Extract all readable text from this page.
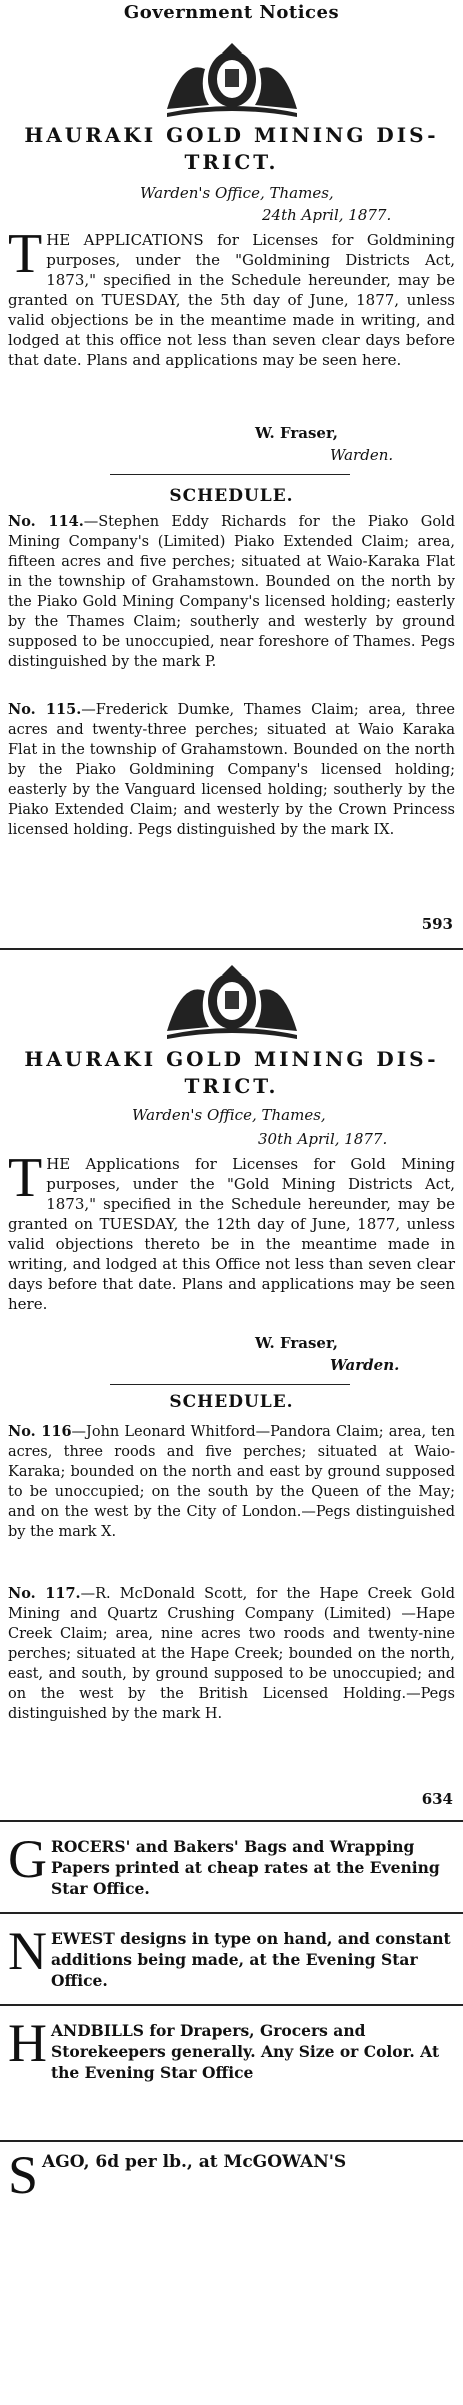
Government Notices
HAURAKI GOLD MINING DIS-
TRICT.
Warden's Office, Thames,
24th April, 1877.
THE APPLICATIONS for Licenses for Goldmining purposes, under the "Goldmining Districts Act, 1873," specified in the Schedule hereunder, may be granted on TUESDAY, the 5th day of June, 1877, unless valid objections be in the meantime made in writing, and lodged at this office not less than seven clear days before that date. Plans and applications may be seen here.
W. Fraser,
Warden.
SCHEDULE.
No. 114.—Stephen Eddy Richards for the Piako Gold Mining Company's (Limited) Piako Extended Claim; area, fifteen acres and five perches; situated at Waio-Karaka Flat in the township of Grahamstown. Bounded on the north by the Piako Gold Mining Company's licensed holding; easterly by the Thames Claim; southerly and westerly by ground supposed to be unoccupied, near foreshore of Thames. Pegs distinguished by the mark P.
No. 115.—Frederick Dumke, Thames Claim; area, three acres and twenty-three perches; situated at Waio Karaka Flat in the township of Grahamstown. Bounded on the north by the Piako Goldmining Company's licensed holding; easterly by the Vanguard licensed holding; southerly by the Piako Extended Claim; and westerly by the Crown Princess licensed holding. Pegs distinguished by the mark IX.
593
HAURAKI GOLD MINING DIS-
TRICT.
Warden's Office, Thames,
30th April, 1877.
THE Applications for Licenses for Gold Mining purposes, under the "Gold Mining Districts Act, 1873," specified in the Schedule hereunder, may be granted on TUESDAY, the 12th day of June, 1877, unless valid objections thereto be in the meantime made in writing, and lodged at this Office not less than seven clear days before that date. Plans and applications may be seen here.
W. Fraser,
Warden.
SCHEDULE.
No. 116—John Leonard Whitford—Pandora Claim; area, ten acres, three roods and five perches; situated at Waio-Karaka; bounded on the north and east by ground supposed to be unoccupied; on the south by the Queen of the May; and on the west by the City of London.—Pegs distinguished by the mark X.
No. 117.—R. McDonald Scott, for the Hape Creek Gold Mining and Quartz Crushing Company (Limited) —Hape Creek Claim; area, nine acres two roods and twenty-nine perches; situated at the Hape Creek; bounded on the north, east, and south, by ground supposed to be unoccupied; and on the west by the British Licensed Holding.—Pegs distinguished by the mark H.
634
GROCERS' and Bakers' Bags and Wrapping Papers printed at cheap rates at the Evening Star Office.
NEWEST designs in type on hand, and constant additions being made, at the Evening Star Office.
HANDBILLS for Drapers, Grocers and Storekeepers generally. Any Size or Color. At the Evening Star Office
SAGO, 6d per lb., at McGOWAN'S
